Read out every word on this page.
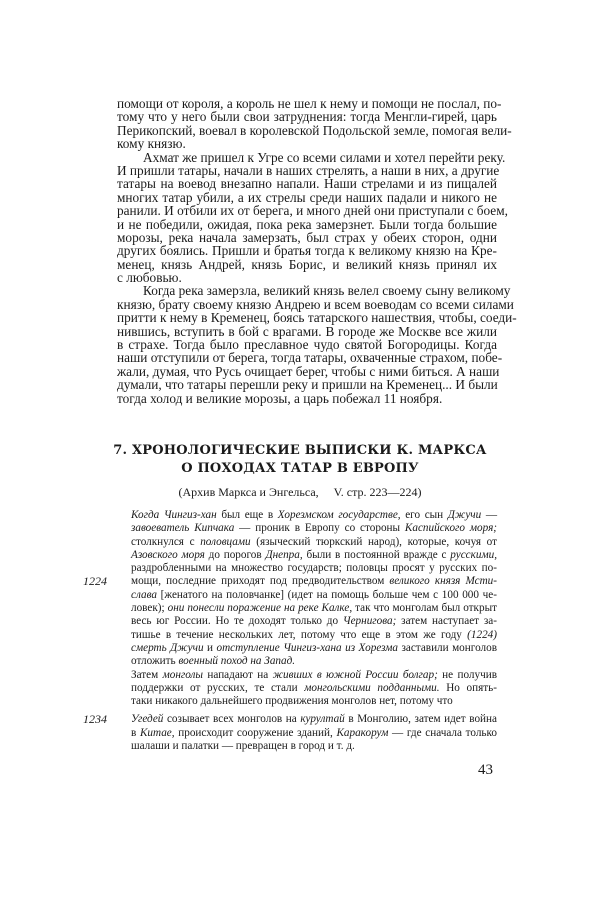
помощи от короля, а король не шел к нему и помощи не послал, по-
тому что у него были свои затруднения: тогда Менгли-гирей, царь
Перикопский, воевал в королевской Подольской земле, помогая вели-
кому князю.
Ахмат же пришел к Угре со всеми силами и хотел перейти реку.
И пришли татары, начали в наших стрелять, а наши в них, а другие
татары на воевод внезапно напали. Наши стрелами и из пищалей
многих татар убили, а их стрелы среди наших падали и никого не
ранили. И отбили их от берега, и много дней они приступали с боем,
и не победили, ожидая, пока река замерзнет. Были тогда большие
морозы, река начала замерзать, был страх у обеих сторон, одни
других боялись. Пришли и братья тогда к великому князю на Кре-
менец, князь Андрей, князь Борис, и великий князь принял их
с любовью.
Когда река замерзла, великий князь велел своему сыну великому
князю, брату своему князю Андрею и всем воеводам со всеми силами
притти к нему в Кременец, боясь татарского нашествия, чтобы, соеди-
нившись, вступить в бой с врагами. В городе же Москве все жили
в страхе. Тогда было преславное чудо святой Богородицы. Когда
наши отступили от берега, тогда татары, охваченные страхом, побе-
жали, думая, что Русь очищает берег, чтобы с ними биться. А наши
думали, что татары перешли реку и пришли на Кременец... И были
тогда холод и великие морозы, а царь побежал 11 ноября.
7. ХРОНОЛОГИЧЕСКИЕ ВЫПИСКИ К. МАРКСА
О ПОХОДАХ ТАТАР В ЕВРОПУ
(Архив Маркса и Энгельса,     V. стр. 223—224)
Когда Чингиз-хан был еще в Хорезмском государстве, его сын Джучи —
завоеватель Кипчака — проник в Европу со стороны Каспийского моря;
столкнулся с половцами (языческий тюркский народ), которые, кочуя от
Азовского моря до порогов Днепра, были в постоянной вражде с русскими,
раздробленными на множество государств; половцы просят у русских по-
1224 мощи, последние приходят под предводительством великого князя Мсти-
слава [женатого на половчанке] (идет на помощь больше чем с 100 000 че-
ловек); они понесли поражение на реке Калке, так что монголам был открыт
весь юг России. Но те доходят только до Чернигова; затем наступает за-
тишье в течение нескольких лет, потому что еще в этом же году (1224)
смерть Джучи и отступление Чингиз-хана из Хорезма заставили монголов
отложить военный поход на Запад.
Затем монголы нападают на живших в южной России болгар; не получив
поддержки от русских, те стали монгольскими подданными. Но опять-
таки никакого дальнейшего продвижения монголов нет, потому что
1234 Угедей созывает всех монголов на курултай в Монголию, затем идет война
в Китае, происходит сооружение зданий, Каракорум — где сначала только
шалаши и палатки — превращен в город и т. д.
43
